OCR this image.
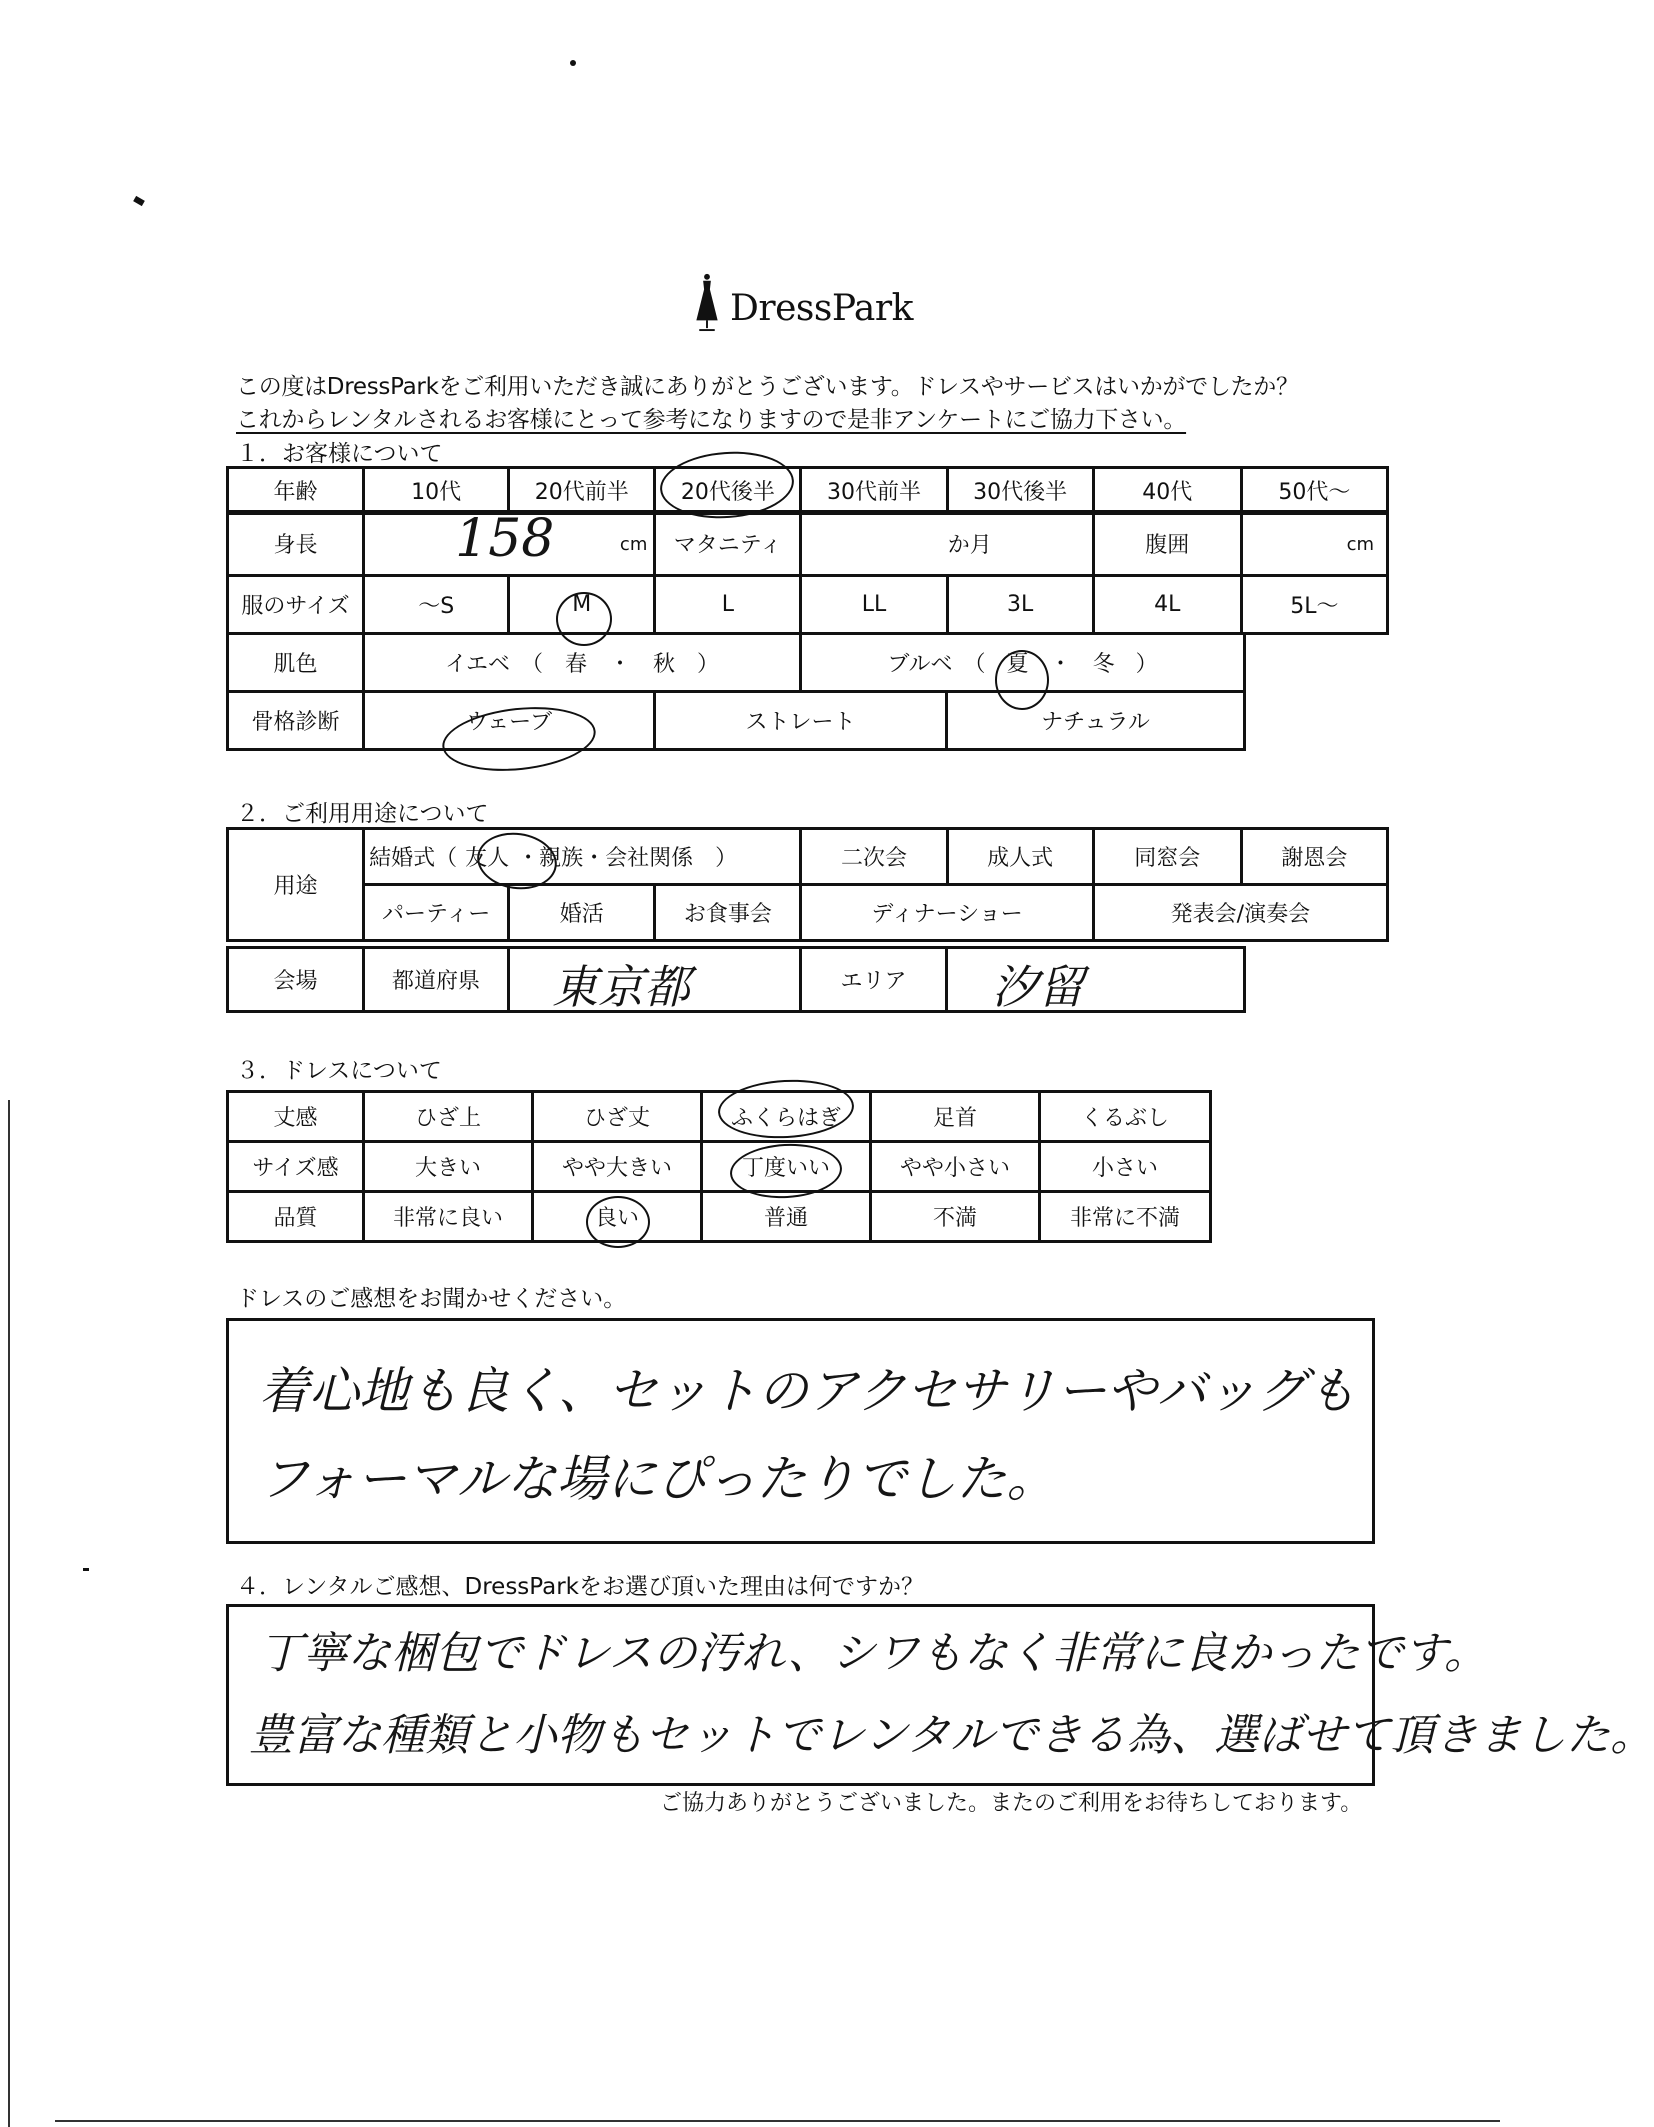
DressPark
この度はDressParkをご利用いただき誠にありがとうございます。ドレスやサービスはいかがでしたか？
これからレンタルされるお客様にとって参考になりますので是非アンケートにご協力下さい。
１．お客様について
年齢	10代	20代前半	20代後半	30代前半	30代後半	40代	50代～
身長	158	cm	マタニティ	か月	腹囲	cm
服のサイズ	～S	M	L	LL	3L	4L	5L～
肌色	イエベ　（　春　・　秋　）	ブルベ　（ 夏 ・ 冬 ）
骨格診断	ウェーブ	ストレート	ナチュラル
２．ご利用用途について
用途	結婚式（ 友人 ・親族・会社関係　）			二次会	成人式	同窓会	謝恩会
	パーティー	婚活	お食事会	ディナーショー		発表会/演奏会	
会場	都道府県	東京都	エリア	汐留
３．ドレスについて
丈感	ひざ上	ひざ丈	ふくらはぎ	足首	くるぶし
サイズ感	大きい	やや大きい	丁度いい	やや小さい	小さい
品質	非常に良い	良い	普通	不満	非常に不満
ドレスのご感想をお聞かせください。
着心地も良く、セットのアクセサリーやバッグも
フォーマルな場にぴったりでした。
４．レンタルご感想、DressParkをお選び頂いた理由は何ですか？
丁寧な梱包でドレスの汚れ、シワもなく非常に良かったです。
豊富な種類と小物もセットでレンタルできる為、選ばせて頂きました。
ご協力ありがとうございました。またのご利用をお待ちしております。
